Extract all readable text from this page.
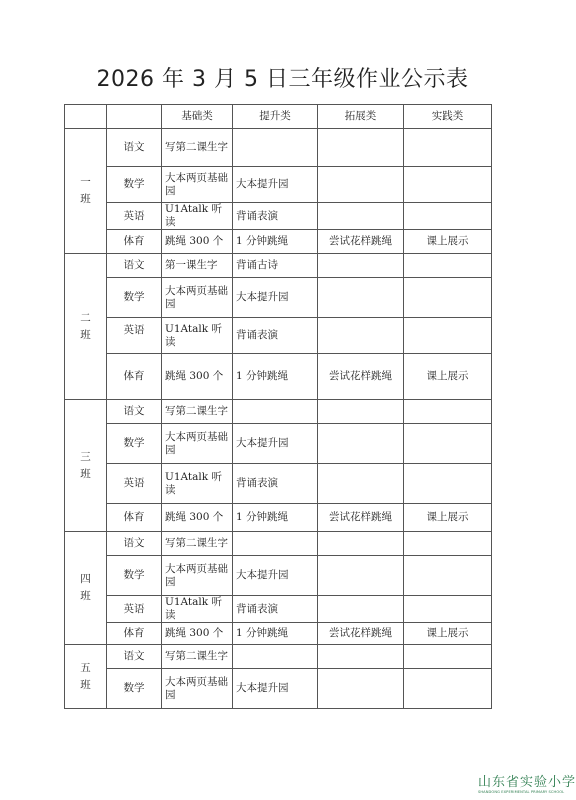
2026 年 3 月 5 日三年级作业公示表
		基础类	提升类	拓展类	实践类
一班	语文	写第二课生字			
	数学	大本两页基础园	大本提升园		
	英语	U1Atalk 听读	背诵表演		
	体育	跳绳 300 个	1 分钟跳绳	尝试花样跳绳	课上展示
二班	语文	第一课生字	背诵古诗		
	数学	大本两页基础园	大本提升园		
	英语	U1Atalk 听读	背诵表演		
	体育	跳绳 300 个	1 分钟跳绳	尝试花样跳绳	课上展示
三班	语文	写第二课生字			
	数学	大本两页基础园	大本提升园		
	英语	U1Atalk 听读	背诵表演		
	体育	跳绳 300 个	1 分钟跳绳	尝试花样跳绳	课上展示
四班	语文	写第二课生字			
	数学	大本两页基础园	大本提升园		
	英语	U1Atalk 听读	背诵表演		
	体育	跳绳 300 个	1 分钟跳绳	尝试花样跳绳	课上展示
五班	语文	写第二课生字			
	数学	大本两页基础园	大本提升园		
山东省实验小学
SHANDONG EXPERIMENTAL PRIMARY SCHOOL
